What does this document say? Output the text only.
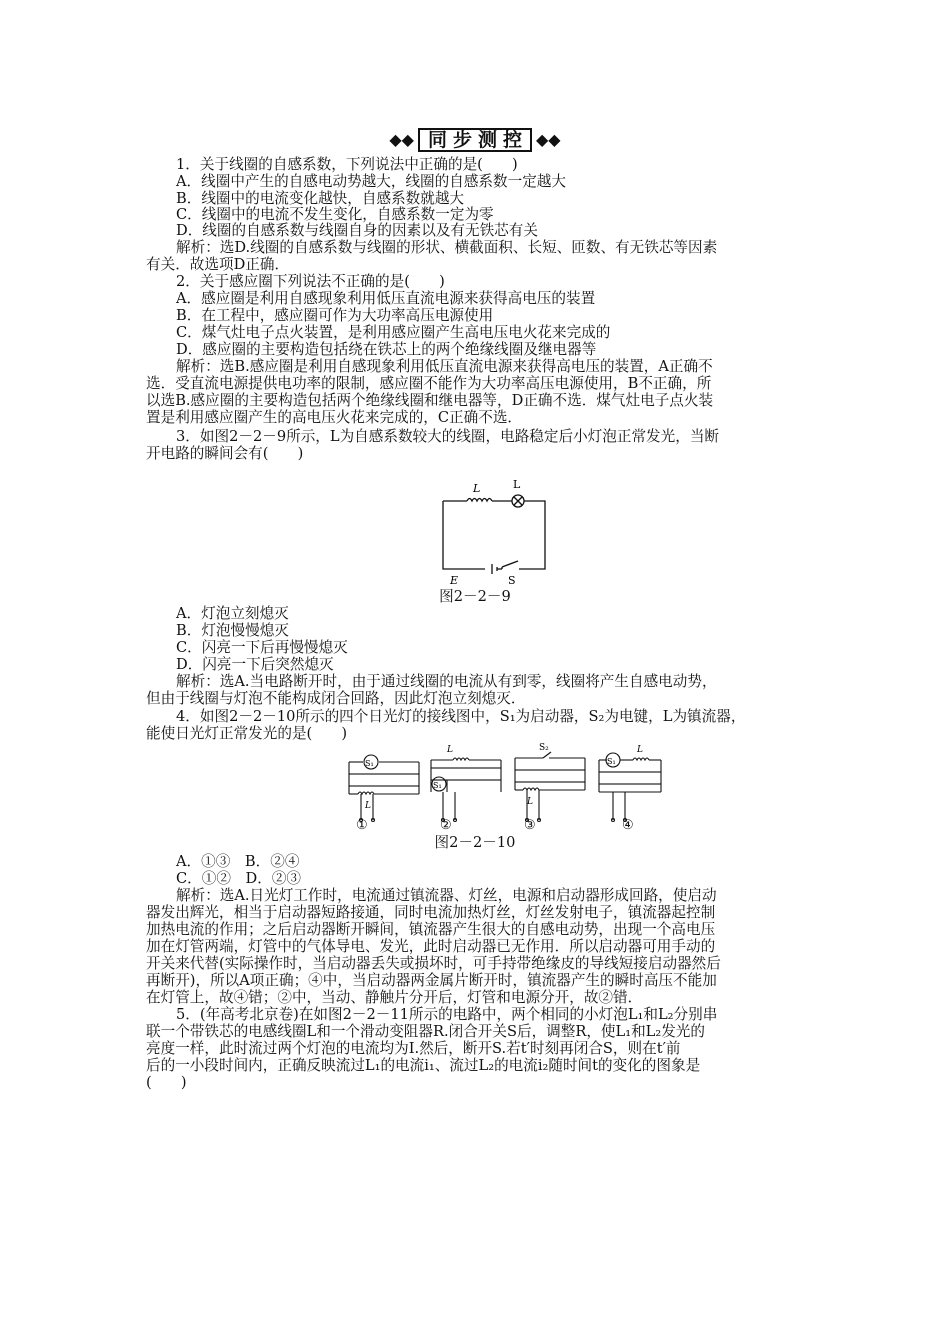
◆◆ 同步测控 ◆◆
1．关于线圈的自感系数，下列说法中正确的是(　　)
A．线圈中产生的自感电动势越大，线圈的自感系数一定越大
B．线圈中的电流变化越快，自感系数就越大
C．线圈中的电流不发生变化，自感系数一定为零
D．线圈的自感系数与线圈自身的因素以及有无铁芯有关
解析：选D.线圈的自感系数与线圈的形状、横截面积、长短、匝数、有无铁芯等因素
有关．故选项D正确．
2．关于感应圈下列说法不正确的是(　　)
A．感应圈是利用自感现象利用低压直流电源来获得高电压的装置
B．在工程中，感应圈可作为大功率高压电源使用
C．煤气灶电子点火装置，是利用感应圈产生高电压电火花来完成的
D．感应圈的主要构造包括绕在铁芯上的两个绝缘线圈及继电器等
解析：选B.感应圈是利用自感现象利用低压直流电源来获得高电压的装置，A正确不
选．受直流电源提供电功率的限制，感应圈不能作为大功率高压电源使用，B不正确，所
以选B.感应圈的主要构造包括两个绝缘线圈和继电器等，D正确不选．煤气灶电子点火装
置是利用感应圈产生的高电压火花来完成的，C正确不选．
3．如图2－2－9所示，L为自感系数较大的线圈，电路稳定后小灯泡正常发光，当断
开电路的瞬间会有(　　)
L	L
E	S
图2－2－9
A．灯泡立刻熄灭
B．灯泡慢慢熄灭
C．闪亮一下后再慢慢熄灭
D．闪亮一下后突然熄灭
解析：选A.当电路断开时，由于通过线圈的电流从有到零，线圈将产生自感电动势，
但由于线圈与灯泡不能构成闭合回路，因此灯泡立刻熄灭．
4．如图2－2－10所示的四个日光灯的接线图中，S₁为启动器，S₂为电键，L为镇流器，
能使日光灯正常发光的是(　　)
S₁
L
L
S₁
S₂
L
S₁
L
①	②	③	④
图2－2－10
A．①③　B．②④
C．①②　D．②③
解析：选A.日光灯工作时，电流通过镇流器、灯丝，电源和启动器形成回路，使启动
器发出辉光，相当于启动器短路接通，同时电流加热灯丝，灯丝发射电子，镇流器起控制
加热电流的作用；之后启动器断开瞬间，镇流器产生很大的自感电动势，出现一个高电压
加在灯管两端，灯管中的气体导电、发光，此时启动器已无作用．所以启动器可用手动的
开关来代替(实际操作时，当启动器丢失或损坏时，可手持带绝缘皮的导线短接启动器然后
再断开)，所以A项正确；④中，当启动器两金属片断开时，镇流器产生的瞬时高压不能加
在灯管上，故④错；②中，当动、静触片分开后，灯管和电源分开，故②错．
5．(年高考北京卷)在如图2－2－11所示的电路中，两个相同的小灯泡L₁和L₂分别串
联一个带铁芯的电感线圈L和一个滑动变阻器R.闭合开关S后，调整R，使L₁和L₂发光的
亮度一样，此时流过两个灯泡的电流均为I.然后，断开S.若t′时刻再闭合S，则在t′前
后的一小段时间内，正确反映流过L₁的电流i₁、流过L₂的电流i₂随时间t的变化的图象是
(　　)
